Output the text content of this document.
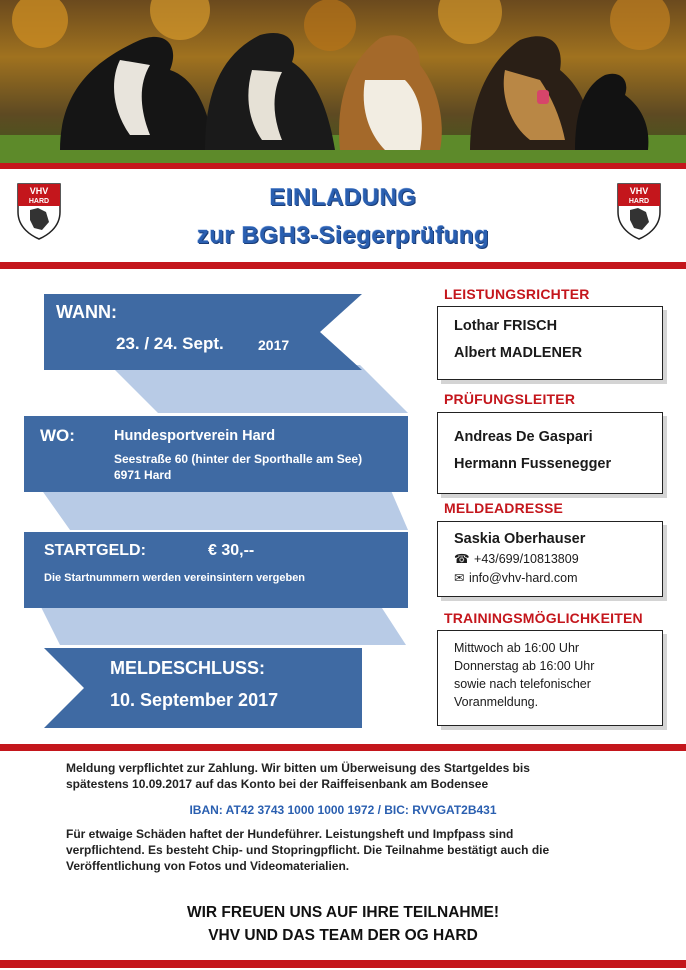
VHV
HARD	EINLADUNG
zur BGH3-Siegerprüfung
VHV
HARD
WANN:
23. / 24. Sept. 2017
WO:	Hundesportverein Hard
Seestraße 60 (hinter der Sporthalle am See)
6971 Hard
STARTGELD:	€ 30,--
Die Startnummern werden vereinsintern vergeben
MELDESCHLUSS:
10. September 2017
LEISTUNGSRICHTER
Lothar FRISCH
Albert MADLENER
PRÜFUNGSLEITER
Andreas De Gaspari
Hermann Fussenegger
MELDEADRESSE
Saskia Oberhauser
☎ +43/699/10813809
✉ info@vhv-hard.com
TRAININGSMÖGLICHKEITEN
Mittwoch ab 16:00 Uhr
Donnerstag ab 16:00 Uhr
sowie nach telefonischer
Voranmeldung.
Meldung verpflichtet zur Zahlung. Wir bitten um Überweisung des Startgeldes bis
spätestens 10.09.2017 auf das Konto bei der Raiffeisenbank am Bodensee
IBAN: AT42 3743 1000 1000 1972 / BIC: RVVGAT2B431
Für etwaige Schäden haftet der Hundeführer. Leistungsheft und Impfpass sind
verpflichtend. Es besteht Chip- und Stopringpflicht. Die Teilnahme bestätigt auch die
Veröffentlichung von Fotos und Videomaterialien.
WIR FREUEN UNS AUF IHRE TEILNAHME!
VHV UND DAS TEAM DER OG HARD
